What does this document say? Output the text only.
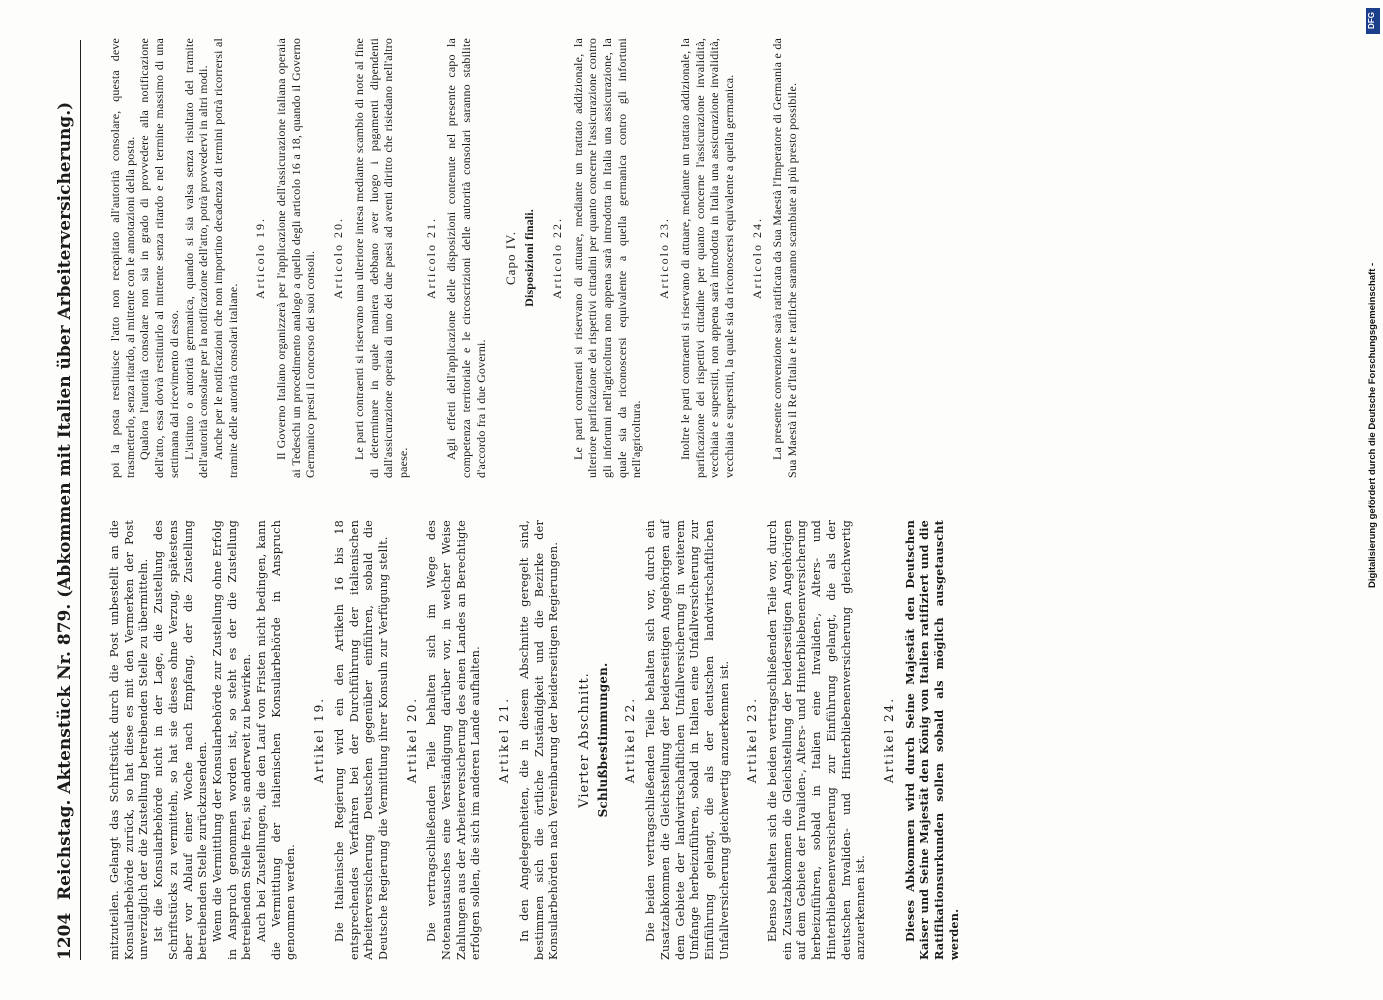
1204
Reichstag. Aktenstück Nr. 879. (Abkommen mit Italien über Arbeiterversicherung.)	mitzuteilen. Gelangt das Schriftstück durch die Post unbestellt an die Konsularbehörde zurück, so hat diese es mit den Vermerken der Post unverzüglich der die Zustellung betreibenden Stelle zu übermitteln. Ist die Konsularbehörde nicht in der Lage, die Zustellung des Schriftstücks zu vermitteln, so hat sie dieses ohne Verzug, spätestens aber vor Ablauf einer Woche nach Empfang, der die Zustellung betreibenden Stelle zurückzusenden. Wenn die Vermittlung der Konsularbehörde zur Zustellung ohne Erfolg in Anspruch genommen worden ist, so steht es der die Zustellung betreibenden Stelle frei, sie anderweit zu bewirken. Auch bei Zustellungen, die den Lauf von Fristen nicht bedingen, kann die Vermittlung der italienischen Konsularbehörde in Anspruch genommen werden.

Artikel 19. Die Italienische Regierung wird ein den Artikeln 16 bis 18 entsprechendes Verfahren bei der Durchführung der italienischen Arbeiterversicherung Deutschen gegenüber einführen, sobald die Deutsche Regierung die Vermittlung ihrer Konsuln zur Verfügung stellt. Artikel 20. Die vertragschließenden Teile behalten sich im Wege des Notenaustausches eine Verständigung darüber vor, in welcher Weise Zahlungen aus der Arbeiterversicherung des einen Landes an Berechtigte erfolgen sollen, die sich im anderen Lande aufhalten. Artikel 21. In den Angelegenheiten, die in diesem Abschnitte geregelt sind, bestimmen sich die örtliche Zuständigkeit und die Bezirke der Konsularbehörden nach Vereinbarung der beiderseitigen Regierungen. Vierter Abschnitt. Schlußbestimmungen. Artikel 22. Die beiden vertragschließenden Teile behalten sich vor, durch ein Zusatzabkommen die Gleichstellung der beiderseitigen Angehörigen auf dem Gebiete der landwirtschaftlichen Unfallversicherung in weiterem Umfange herbeizuführen, sobald in Italien eine Unfallversicherung zur Einführung gelangt, die als der deutschen landwirtschaftlichen Unfallversicherung gleichwertig anzuerkennen ist. Artikel 23. Ebenso behalten sich die beiden vertragschließenden Teile vor, durch ein Zusatzabkommen die Gleichstellung der beiderseitigen Angehörigen auf dem Gebiete der Invaliden-, Alters- und Hinterbliebenenversicherung herbeizuführen, sobald in Italien eine Invaliden-, Alters- und Hinterbliebenenversicherung zur Einführung gelangt, die als der deutschen Invaliden- und Hinterbliebenenversicherung gleichwertig anzuerkennen ist.

Artikel 24. Dieses Abkommen wird durch Seine Majestät den Deutschen Kaiser und Seine Majestät den König von Italien ratifiziert und die Ratifikationsurkunden sollen sobald als möglich ausgetauscht werden.

poi la posta restituisce l'atto non recapitato all'autorità consolare, questa deve trasmetterlo, senza ritardo, al mittente con le annotazioni della posta. Qualora l'autorità consolare non sia in grado di provvedere alla notificazione dell'atto, essa dovrà restituirlo al mittente senza ritardo e nel termine massimo di una settimana dal ricevimento di esso. L'istituto o autorità germanica, quando si sia valsa senza risultato del tramite dell'autorità consolare per la notificazione dell'atto, potrà provvedervi in altri modi. Anche per le notificazioni che non importino decadenza di termini potrà ricorrersi al tramite delle autorità consolari italiane.

Articolo 19. Il Governo Italiano organizzerà per l'applicazione dell'assicurazione italiana operaia ai Tedeschi un procedimento analogo a quello degli articolo 16 a 18, quando il Governo Germanico presti il concorso dei suoi consoli. Articolo 20. Le parti contraenti si riservano una ulteriore intesa mediante scambio di note al fine di determinare in quale maniera debbano aver luogo i pagamenti dipendenti dall'assicurazione operaia di uno dei due paesi ad aventi diritto che risiedano nell'altro paese.

Articolo 21. Agli effetti dell'applicazione delle disposizioni contenute nel presente capo la competenza territoriale e le circoscrizioni delle autorità consolari saranno stabilite d'accordo fra i due Governi.

Capo IV. Disposizioni finali. Articolo 22. Le parti contraenti si riservano di attuare, mediante un trattato addizionale, la ulteriore parificazione dei rispettivi cittadini per quanto concerne l'assicurazione contro gli infortuni nell'agricoltura non appena sarà introdotta in Italia una assicurazione, la quale sia da riconoscersi equivalente a quella germanica contro gli infortuni nell'agricoltura.

Articolo 23. Inoltre le parti contraenti si riservano di attuare, mediante un trattato addizionale, la parificazione dei rispettivi cittadine per quanto concerne l'assicurazione invalidità, vecchiaia e superstiti, non appena sarà introdotta in Italia una assicurazione invalidità, vecchiaia e superstiti, la quale sia da riconoscersi equivalente a quella germanica. Articolo 24. La presente convenzione sarà ratificata da Sua Maestà l'Imperatore di Germania e da Sua Maestà il Re d'Italia e le ratifiche saranno scambiate al più presto possibile.

DFG
Digitalisierung gefördert durch die Deutsche Forschungsgemeinschaft -
